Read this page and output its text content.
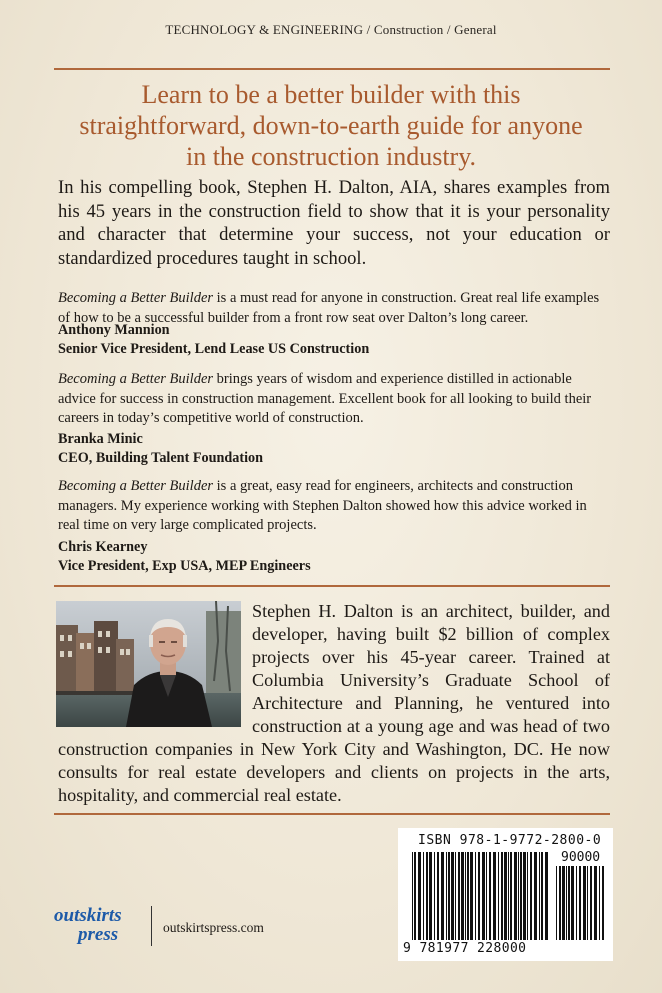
TECHNOLOGY & ENGINEERING / Construction / General
Learn to be a better builder with this straightforward, down-to-earth guide for anyone in the construction industry.
In his compelling book, Stephen H. Dalton, AIA, shares examples from his 45 years in the construction field to show that it is your personality and character that determine your success, not your education or standardized procedures taught in school.
Becoming a Better Builder is a must read for anyone in construction. Great real life examples of how to be a successful builder from a front row seat over Dalton’s long career.
Anthony Mannion
Senior Vice President, Lend Lease US Construction
Becoming a Better Builder brings years of wisdom and experience distilled in actionable advice for success in construction management. Excellent book for all looking to build their careers in today’s competitive world of construction.
Branka Minic
CEO, Building Talent Foundation
Becoming a Better Builder is a great, easy read for engineers, architects and construction managers. My experience working with Stephen Dalton showed how this advice worked in real time on very large complicated projects.
Chris Kearney
Vice President, Exp USA, MEP Engineers
Stephen H. Dalton is an architect, builder, and developer, having built $2 billion of complex projects over his 45-year career. Trained at Columbia University’s Graduate School of Architecture and Planning, he ventured into construction at a young age and was head of two construction companies in New York City and Washington, DC. He now consults for real estate developers and clients on projects in the arts, hospitality, and commercial real estate.
outskirts
press	outskirtspress.com
ISBN 978-1-9772-2800-0
90000
9 781977 228000
